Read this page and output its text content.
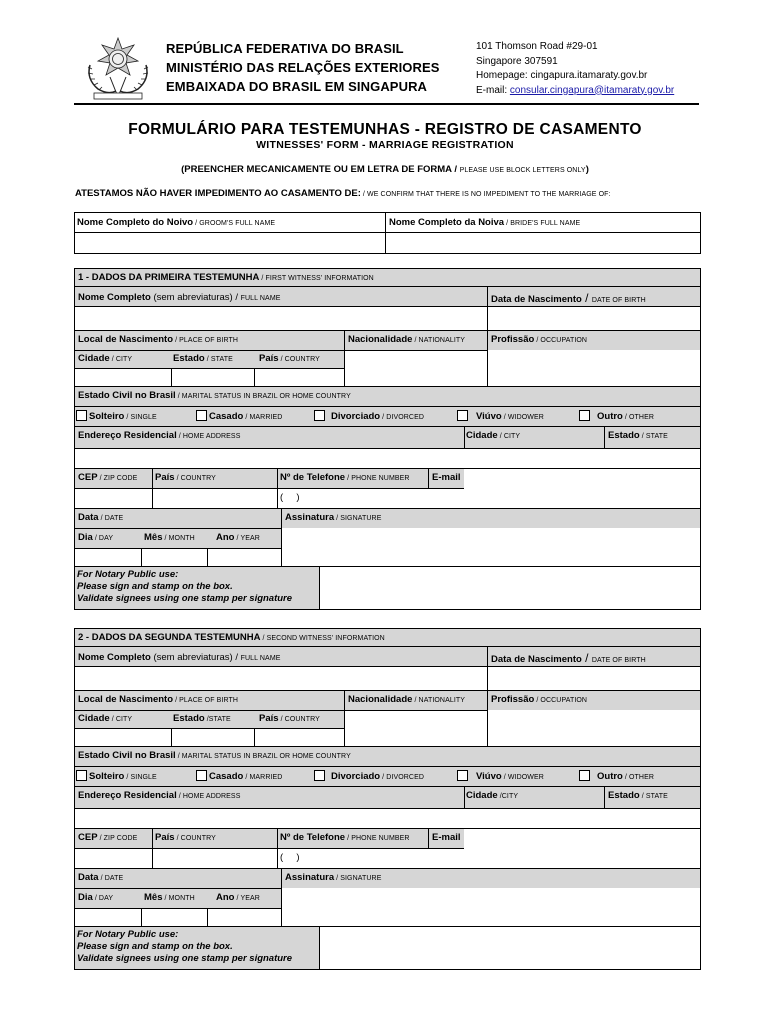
REPÚBLICA FEDERATIVA DO BRASIL
MINISTÉRIO DAS RELAÇÕES EXTERIORES
EMBAIXADA DO BRASIL EM SINGAPURA
101 Thomson Road #29-01
Singapore 307591
Homepage: cingapura.itamaraty.gov.br
E-mail: consular.cingapura@itamaraty.gov.br
FORMULÁRIO PARA TESTEMUNHAS - REGISTRO DE CASAMENTO
WITNESSES' FORM - MARRIAGE REGISTRATION
(PREENCHER MECANICAMENTE OU EM LETRA DE FORMA / PLEASE USE BLOCK LETTERS ONLY)
ATESTAMOS NÃO HAVER IMPEDIMENTO AO CASAMENTO DE: / WE CONFIRM THAT THERE IS NO IMPEDIMENT TO THE MARRIAGE OF:
Nome Completo do Noivo / GROOM'S FULL NAME	Nome Completo da Noiva / BRIDE'S FULL NAME
1 - DADOS DA PRIMEIRA TESTEMUNHA / FIRST WITNESS' INFORMATION
Nome Completo (sem abreviaturas) / FULL NAME	Data de Nascimento / DATE OF BIRTH
Local de Nascimento / PLACE OF BIRTH	Nacionalidade / NATIONALITY	Profissão / OCCUPATION
Cidade / CITY	Estado / STATE	País / COUNTRY
Estado Civil no Brasil / MARITAL STATUS IN BRAZIL OR HOME COUNTRY
Solteiro / SINGLE	Casado / MARRIED	Divorciado / DIVORCED	Viúvo / WIDOWER	Outro / OTHER
Endereço Residencial / HOME ADDRESS	Cidade / CITY	Estado / STATE
CEP / ZIP CODE País / COUNTRY	Nº de Telefone / PHONE NUMBER E-mail
(     )
Data / DATE	Assinatura / SIGNATURE
Dia / DAY	Mês / MONTH Ano / YEAR
For Notary Public use:
Please sign and stamp on the box.
Validate signees using one stamp per signature
2 - DADOS DA SEGUNDA TESTEMUNHA / SECOND WITNESS' INFORMATION
Nome Completo (sem abreviaturas) / FULL NAME	Data de Nascimento / DATE OF BIRTH
Local de Nascimento / PLACE OF BIRTH	Nacionalidade / NATIONALITY	Profissão / OCCUPATION
Cidade / CITY	Estado /STATE	País / COUNTRY
Estado Civil no Brasil / MARITAL STATUS IN BRAZIL OR HOME COUNTRY
Solteiro / SINGLE	Casado / MARRIED	Divorciado / DIVORCED	Viúvo / WIDOWER	Outro / OTHER
Endereço Residencial / HOME ADDRESS	Cidade /CITY	Estado / STATE
CEP / ZIP CODE País / COUNTRY	Nº de Telefone / PHONE NUMBER E-mail
(     )
Data / DATE	Assinatura / SIGNATURE
Dia / DAY	Mês / MONTH Ano / YEAR
For Notary Public use:
Please sign and stamp on the box.
Validate signees using one stamp per signature
